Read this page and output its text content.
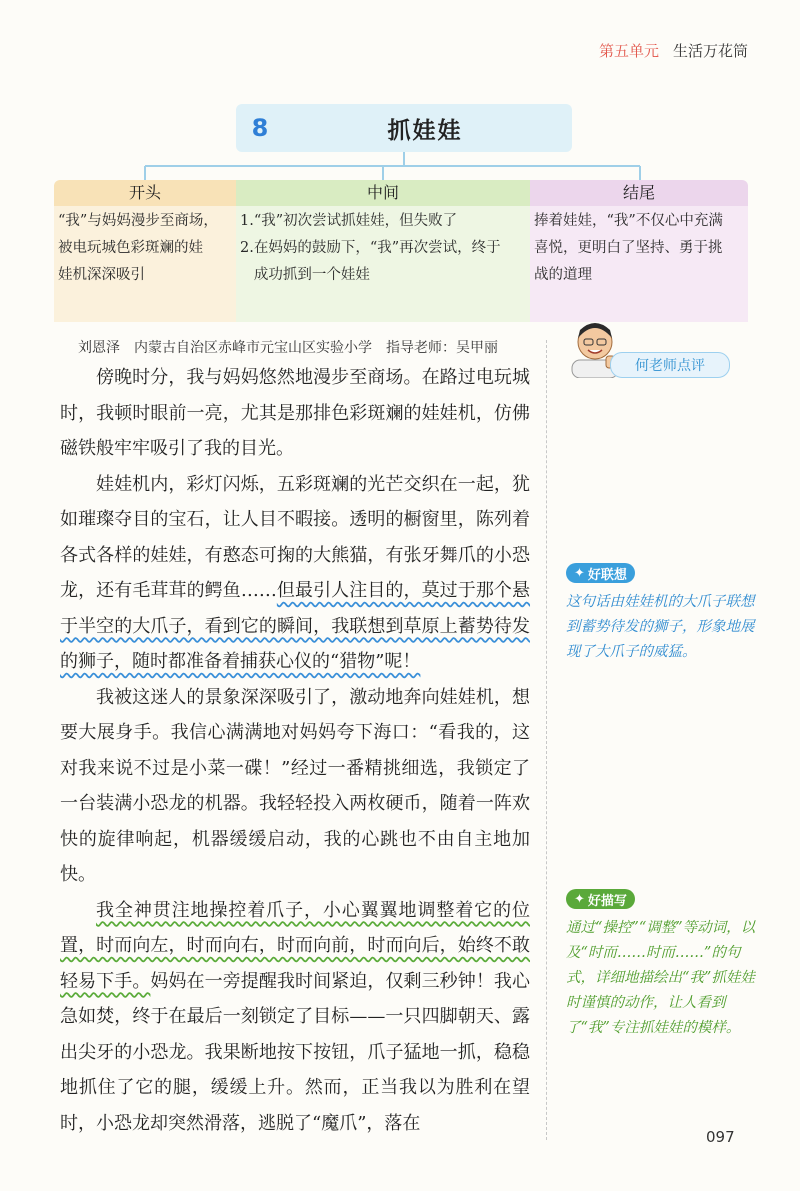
第五单元 生活万花筒
8	抓娃娃
开头
“我”与妈妈漫步至商场，
被电玩城色彩斑斓的娃
娃机深深吸引
中间
1.“我”初次尝试抓娃娃，但失败了
2.在妈妈的鼓励下，“我”再次尝试，终于
成功抓到一个娃娃
结尾
捧着娃娃，“我”不仅心中充满
喜悦，更明白了坚持、勇于挑
战的道理
刘恩泽 内蒙古自治区赤峰市元宝山区实验小学 指导老师：吴甲丽

傍晚时分，我与妈妈悠然地漫步至商场。在路过电玩城时，我顿时眼前一亮，尤其是那排色彩斑斓的娃娃机，仿佛磁铁般牢牢吸引了我的目光。

娃娃机内，彩灯闪烁，五彩斑斓的光芒交织在一起，犹如璀璨夺目的宝石，让人目不暇接。透明的橱窗里，陈列着各式各样的娃娃，有憨态可掬的大熊猫，有张牙舞爪的小恐龙，还有毛茸茸的鳄鱼……但最引人注目的，莫过于那个悬于半空的大爪子，看到它的瞬间，我联想到草原上蓄势待发的狮子，随时都准备着捕获心仪的“猎物”呢！

我被这迷人的景象深深吸引了，激动地奔向娃娃机，想要大展身手。我信心满满地对妈妈夸下海口：“看我的，这对我来说不过是小菜一碟！”经过一番精挑细选，我锁定了一台装满小恐龙的机器。我轻轻投入两枚硬币，随着一阵欢快的旋律响起，机器缓缓启动，我的心跳也不由自主地加快。

我全神贯注地操控着爪子，小心翼翼地调整着它的位置，时而向左，时而向右，时而向前，时而向后，始终不敢轻易下手。妈妈在一旁提醒我时间紧迫，仅剩三秒钟！我心急如焚，终于在最后一刻锁定了目标——一只四脚朝天、露出尖牙的小恐龙。我果断地按下按钮，爪子猛地一抓，稳稳地抓住了它的腿，缓缓上升。然而，正当我以为胜利在望时，小恐龙却突然滑落，逃脱了“魔爪”，落在

何老师点评
✦ 好联想
这句话由娃娃机的大爪子联想到蓄势待发的狮子，形象地展现了大爪子的威猛。
✦ 好描写
通过“操控”“调整”等动词，以及“时而……时而……”的句式，详细地描绘出“我”抓娃娃时谨慎的动作，让人看到了“我”专注抓娃娃的模样。
097
